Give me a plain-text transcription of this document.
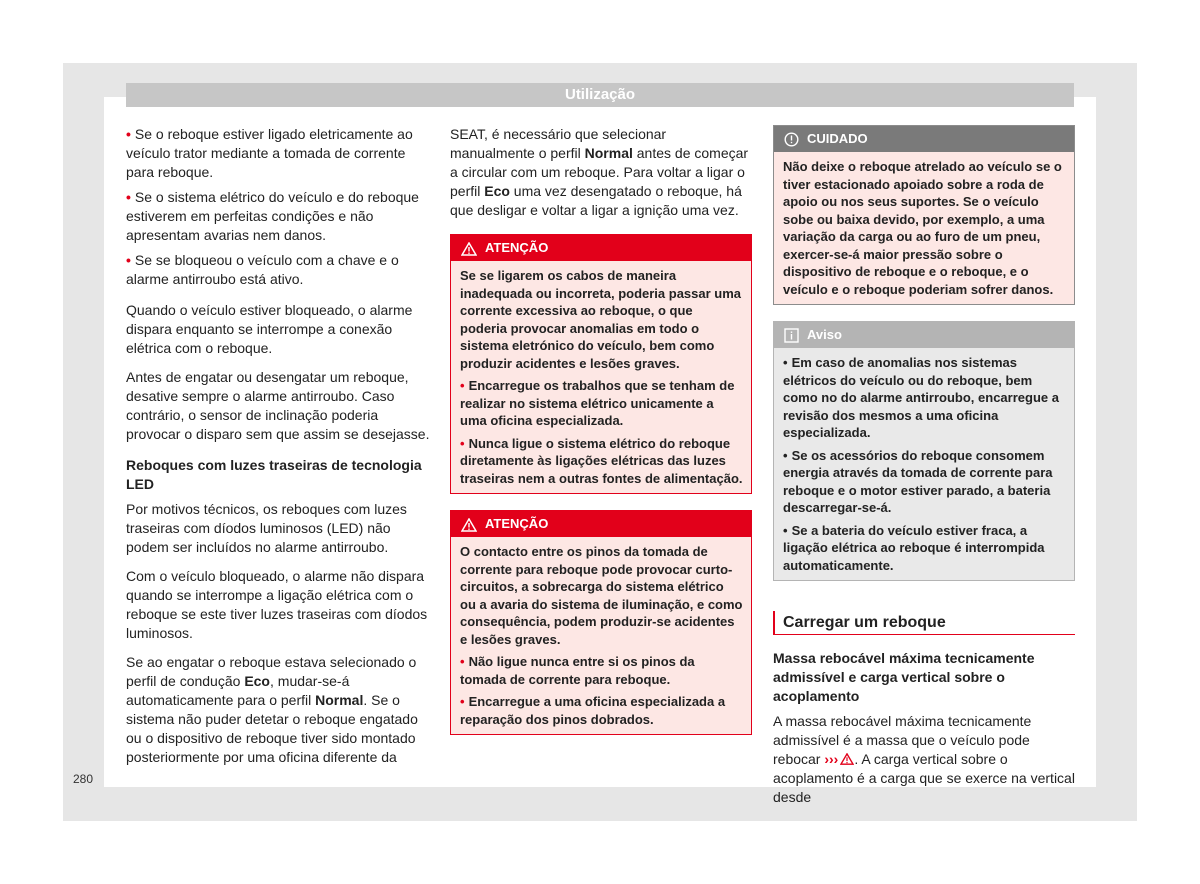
Utilização

• Se o reboque estiver ligado eletricamente ao veículo trator mediante a tomada de corrente para reboque.

• Se o sistema elétrico do veículo e do reboque estiverem em perfeitas condições e não apresentam avarias nem danos.

• Se se bloqueou o veículo com a chave e o alarme antirroubo está ativo.

Quando o veículo estiver bloqueado, o alarme dispara enquanto se interrompe a conexão elétrica com o reboque.

Antes de engatar ou desengatar um reboque, desative sempre o alarme antirroubo. Caso contrário, o sensor de inclinação poderia provocar o disparo sem que assim se desejasse.

Reboques com luzes traseiras de tecnologia LED

Por motivos técnicos, os reboques com luzes traseiras com díodos luminosos (LED) não podem ser incluídos no alarme antirroubo.

Com o veículo bloqueado, o alarme não dispara quando se interrompe a ligação elétrica com o reboque se este tiver luzes traseiras com díodos luminosos.

Se ao engatar o reboque estava selecionado o perfil de condução Eco, mudar-se-á automaticamente para o perfil Normal. Se o sistema não puder detetar o reboque engatado ou o dispositivo de reboque tiver sido montado posteriormente por uma oficina diferente da

SEAT, é necessário que selecionar manualmente o perfil Normal antes de começar a circular com um reboque. Para voltar a ligar o perfil Eco uma vez desengatado o reboque, há que desligar e voltar a ligar a ignição uma vez.

ATENÇÃO

Se se ligarem os cabos de maneira inadequada ou incorreta, poderia passar uma corrente excessiva ao reboque, o que poderia provocar anomalias em todo o sistema eletrónico do veículo, bem como produzir acidentes e lesões graves.

• Encarregue os trabalhos que se tenham de realizar no sistema elétrico unicamente a uma oficina especializada.

• Nunca ligue o sistema elétrico do reboque diretamente às ligações elétricas das luzes traseiras nem a outras fontes de alimentação.

ATENÇÃO

O contacto entre os pinos da tomada de corrente para reboque pode provocar curto-circuitos, a sobrecarga do sistema elétrico ou a avaria do sistema de iluminação, e como consequência, podem produzir-se acidentes e lesões graves.

• Não ligue nunca entre si os pinos da tomada de corrente para reboque.

• Encarregue a uma oficina especializada a reparação dos pinos dobrados.

CUIDADO

Não deixe o reboque atrelado ao veículo se o tiver estacionado apoiado sobre a roda de apoio ou nos seus suportes. Se o veículo sobe ou baixa devido, por exemplo, a uma variação da carga ou ao furo de um pneu, exercer-se-á maior pressão sobre o dispositivo de reboque e o reboque, e o veículo e o reboque poderiam sofrer danos.

Aviso

• Em caso de anomalias nos sistemas elétricos do veículo ou do reboque, bem como no do alarme antirroubo, encarregue a revisão dos mesmos a uma oficina especializada.

• Se os acessórios do reboque consomem energia através da tomada de corrente para reboque e o motor estiver parado, a bateria descarregar-se-á.

• Se a bateria do veículo estiver fraca, a ligação elétrica ao reboque é interrompida automaticamente.

Carregar um reboque

Massa rebocável máxima tecnicamente admissível e carga vertical sobre o acoplamento

A massa rebocável máxima tecnicamente admissível é a massa que o veículo pode rebocar ››› . A carga vertical sobre o acoplamento é a carga que se exerce na vertical desde

280
